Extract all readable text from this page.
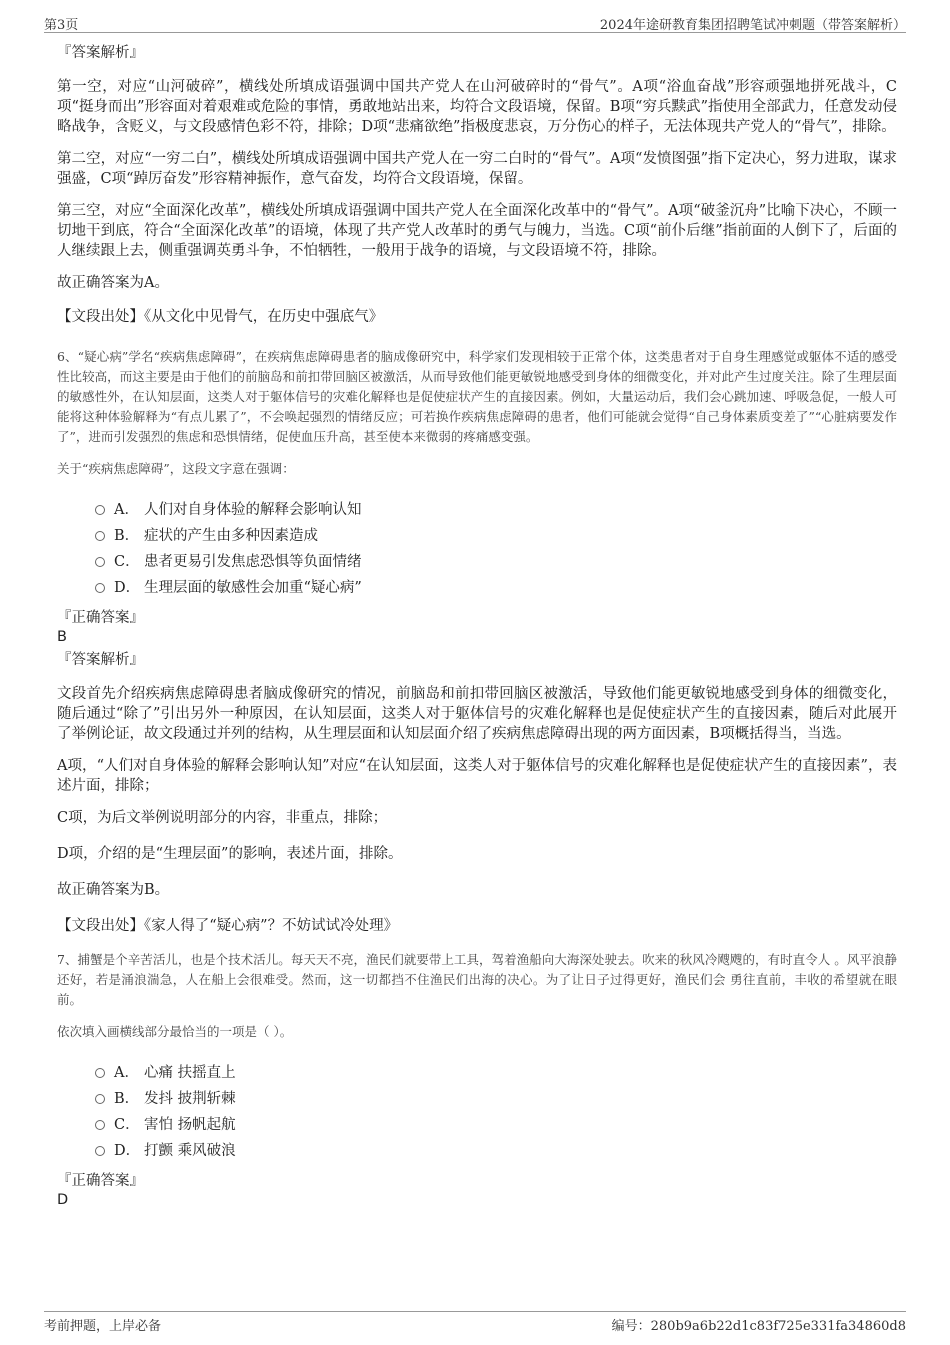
第3页	2024年途研教育集团招聘笔试冲刺题（带答案解析）

『答案解析』

第一空，对应“山河破碎”，横线处所填成语强调中国共产党人在山河破碎时的“骨气”。A项“浴血奋战”形容顽强地拼死战斗，C项“挺身而出”形容面对着艰难或危险的事情，勇敢地站出来，均符合文段语境，保留。B项“穷兵黩武”指使用全部武力，任意发动侵略战争，含贬义，与文段感情色彩不符，排除；D项“悲痛欲绝”指极度悲哀，万分伤心的样子，无法体现共产党人的“骨气”，排除。

第二空，对应“一穷二白”，横线处所填成语强调中国共产党人在一穷二白时的“骨气”。A项“发愤图强”指下定决心，努力进取，谋求强盛，C项“踔厉奋发”形容精神振作，意气奋发，均符合文段语境，保留。

第三空，对应“全面深化改革”，横线处所填成语强调中国共产党人在全面深化改革中的“骨气”。A项“破釜沉舟”比喻下决心，不顾一切地干到底，符合“全面深化改革”的语境，体现了共产党人改革时的勇气与魄力，当选。C项“前仆后继”指前面的人倒下了，后面的人继续跟上去，侧重强调英勇斗争，不怕牺牲，一般用于战争的语境，与文段语境不符，排除。

故正确答案为A。

【文段出处】《从文化中见骨气，在历史中强底气》

6、“疑心病”学名“疾病焦虑障碍”，在疾病焦虑障碍患者的脑成像研究中，科学家们发现相较于正常个体，这类患者对于自身生理感觉或躯体不适的感受性比较高，而这主要是由于他们的前脑岛和前扣带回脑区被激活，从而导致他们能更敏锐地感受到身体的细微变化，并对此产生过度关注。除了生理层面的敏感性外，在认知层面，这类人对于躯体信号的灾难化解释也是促使症状产生的直接因素。例如，大量运动后，我们会心跳加速、呼吸急促，一般人可能将这种体验解释为“有点儿累了”，不会唤起强烈的情绪反应；可若换作疾病焦虑障碍的患者，他们可能就会觉得“自己身体素质变差了”“心脏病要发作了”，进而引发强烈的焦虑和恐惧情绪，促使血压升高，甚至使本来微弱的疼痛感变强。

关于“疾病焦虑障碍”，这段文字意在强调：

A． 人们对自身体验的解释会影响认知
B． 症状的产生由多种因素造成
C． 患者更易引发焦虑恐惧等负面情绪
D． 生理层面的敏感性会加重“疑心病”

『正确答案』

B

『答案解析』

文段首先介绍疾病焦虑障碍患者脑成像研究的情况，前脑岛和前扣带回脑区被激活，导致他们能更敏锐地感受到身体的细微变化，随后通过“除了”引出另外一种原因，在认知层面，这类人对于躯体信号的灾难化解释也是促使症状产生的直接因素，随后对此展开了举例论证，故文段通过并列的结构，从生理层面和认知层面介绍了疾病焦虑障碍出现的两方面因素，B项概括得当，当选。

A项，“人们对自身体验的解释会影响认知”对应“在认知层面，这类人对于躯体信号的灾难化解释也是促使症状产生的直接因素”，表述片面，排除；

C项，为后文举例说明部分的内容，非重点，排除；

D项，介绍的是“生理层面”的影响，表述片面，排除。

故正确答案为B。

【文段出处】《家人得了“疑心病”？不妨试试冷处理》

7、捕蟹是个辛苦活儿，也是个技术活儿。每天天不亮，渔民们就要带上工具，驾着渔船向大海深处驶去。吹来的秋风冷飕飕的，有时直令人 。风平浪静还好，若是涌浪湍急，人在船上会很难受。然而，这一切都挡不住渔民们出海的决心。为了让日子过得更好，渔民们会 勇往直前，丰收的希望就在眼前。

依次填入画横线部分最恰当的一项是（ ）。

A． 心痛 扶摇直上
B． 发抖 披荆斩棘
C． 害怕 扬帆起航
D． 打颤 乘风破浪

『正确答案』

D

考前押题，上岸必备	编号：280b9a6b22d1c83f725e331fa34860d8
